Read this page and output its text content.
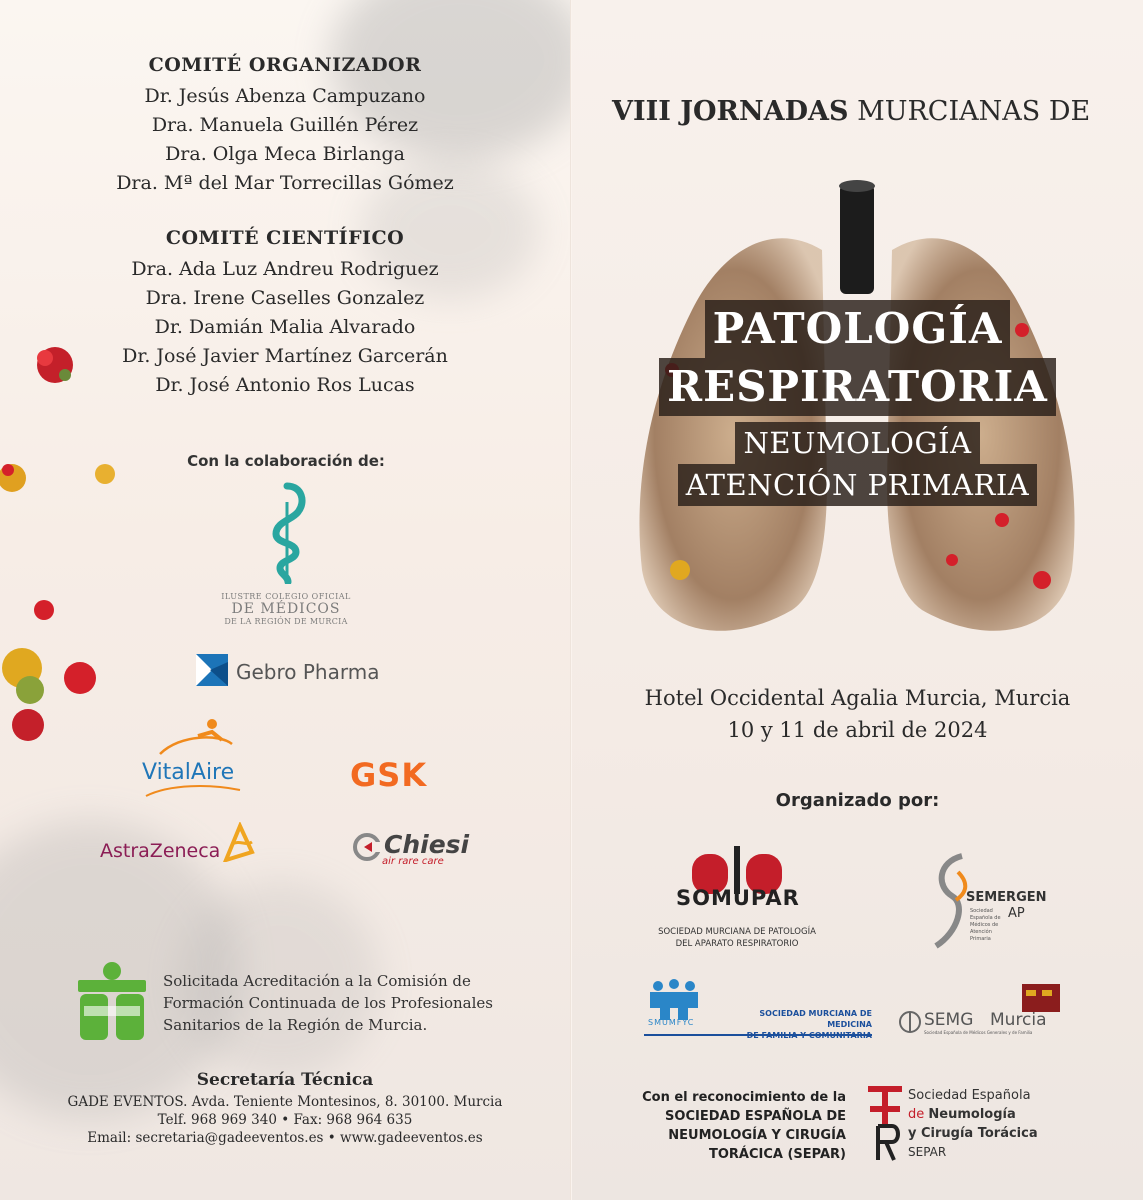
COMITÉ ORGANIZADOR
Dr. Jesús Abenza Campuzano
Dra. Manuela Guillén Pérez
Dra. Olga Meca Birlanga
Dra. Mª del Mar Torrecillas Gómez
COMITÉ CIENTÍFICO
Dra. Ada Luz Andreu Rodriguez
Dra. Irene Caselles Gonzalez
Dr. Damián Malia Alvarado
Dr. José Javier Martínez Garcerán
Dr. José Antonio Ros Lucas
Con la colaboración de:
ILUSTRE COLEGIO OFICIAL
DE MÉDICOS
DE LA REGIÓN DE MURCIA
Gebro Pharma
VitalAire	GSK
AstraZeneca	Chiesi
air rare care
Solicitada Acreditación a la Comisión de Formación Continuada de los Profesionales Sanitarios de la Región de Murcia.
Secretaría Técnica
GADE EVENTOS. Avda. Teniente Montesinos, 8. 30100. Murcia
Telf. 968 969 340 • Fax: 968 964 635
Email: secretaria@gadeeventos.es • www.gadeeventos.es
VIII JORNADAS MURCIANAS DE
PATOLOGÍA
RESPIRATORIA
NEUMOLOGÍA
ATENCIÓN PRIMARIA
Hotel Occidental Agalia Murcia, Murcia
10 y 11 de abril de 2024
Organizado por:
SOMUPAR
SOCIEDAD MURCIANA DE PATOLOGÍA
DEL APARATO RESPIRATORIO
SEMERGEN
AP
Sociedad Española de Médicos de Atención Primaria
SMUMFYC
SOCIEDAD MURCIANA DE MEDICINA	SEMG Murcia
Sociedad Española de Médicos Generales y de Familia
Con el reconocimiento de la
SOCIEDAD ESPAÑOLA DE
NEUMOLOGÍA Y CIRUGÍA
TORÁCICA (SEPAR)
Sociedad Española
de Neumología
y Cirugía Torácica
SEPAR
